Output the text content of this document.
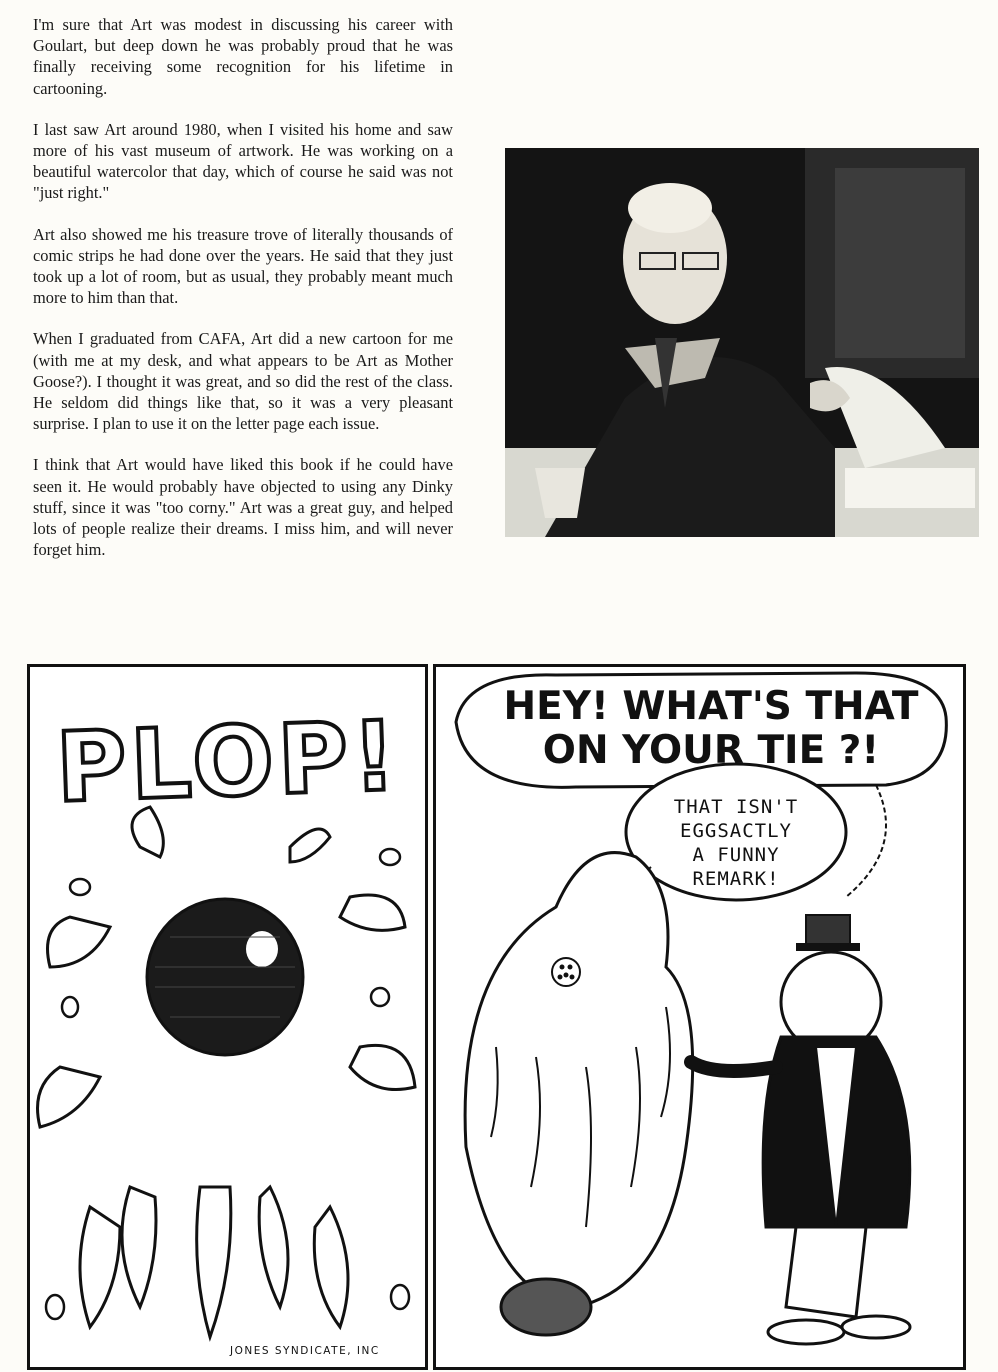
I'm sure that Art was modest in discussing his career with Goulart, but deep down he was probably proud that he was finally receiving some recognition for his lifetime in cartooning.

I last saw Art around 1980, when I visited his home and saw more of his vast museum of artwork. He was working on a beautiful watercolor that day, which of course he said was not "just right."

Art also showed me his treasure trove of literally thousands of comic strips he had done over the years. He said that they just took up a lot of room, but as usual, they probably meant much more to him than that.

When I graduated from CAFA, Art did a new cartoon for me (with me at my desk, and what appears to be Art as Mother Goose?). I thought it was great, and so did the rest of the class. He seldom did things like that, so it was a very pleasant surprise. I plan to use it on the letter page each issue.

I think that Art would have liked this book if he could have seen it. He would probably have objected to using any Dinky stuff, since it was "too corny." Art was a great guy, and helped lots of people realize their dreams. I miss him, and will never forget him.

PLOP!
JONES SYNDICATE, INC
HEY! WHAT'S THAT
ON YOUR TIE ?!
THAT ISN'T
EGGSACTLY
A FUNNY
REMARK!
